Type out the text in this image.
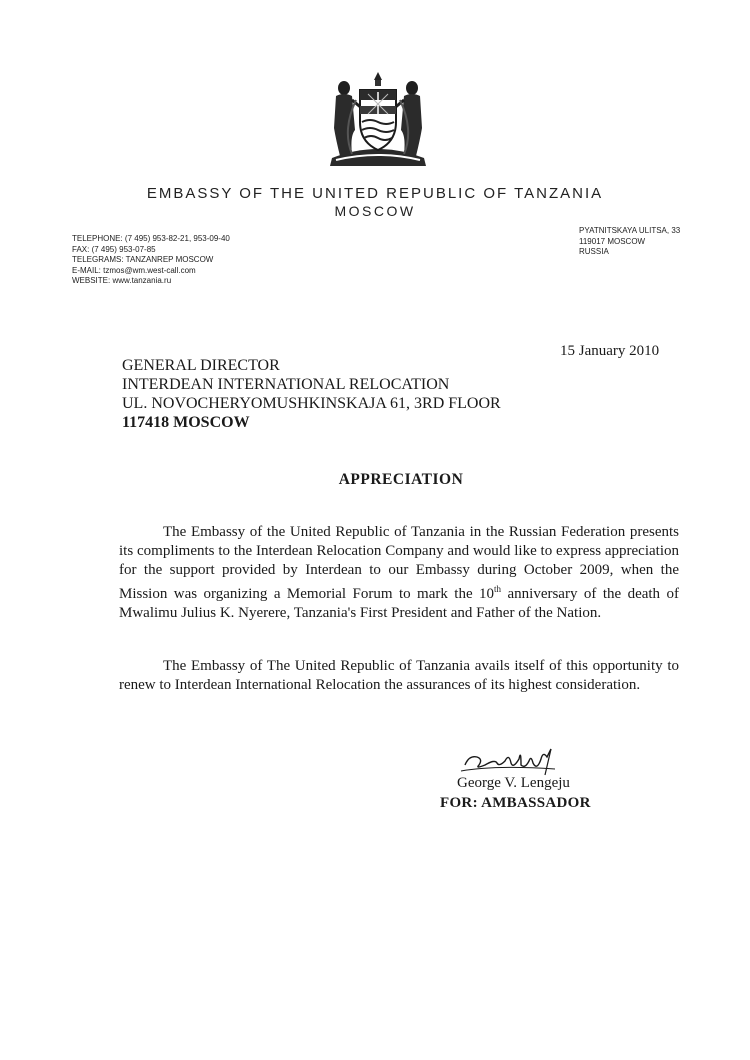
EMBASSY OF THE UNITED REPUBLIC OF TANZANIA
MOSCOW
TELEPHONE: (7 495) 953-82-21, 953-09-40
FAX: (7 495) 953-07-85
TELEGRAMS: TANZANREP MOSCOW
E-MAIL: tzmos@wm.west-call.com
WEBSITE: www.tanzania.ru
PYATNITSKAYA ULITSA, 33
119017 MOSCOW
RUSSIA
15 January 2010
GENERAL DIRECTOR
INTERDEAN INTERNATIONAL RELOCATION
UL. NOVOCHERYOMUSHKINSKAJA 61, 3RD FLOOR
117418 MOSCOW
APPRECIATION
The Embassy of the United Republic of Tanzania in the Russian Federation presents its compliments to the Interdean Relocation Company and would like to express appreciation for the support provided by Interdean to our Embassy during October 2009, when the Mission was organizing a Memorial Forum to mark the 10th anniversary of the death of Mwalimu Julius K. Nyerere, Tanzania's First President and Father of the Nation.
The Embassy of The United Republic of Tanzania avails itself of this opportunity to renew to Interdean International Relocation the assurances of its highest consideration.
George V. Lengeju
FOR: AMBASSADOR
